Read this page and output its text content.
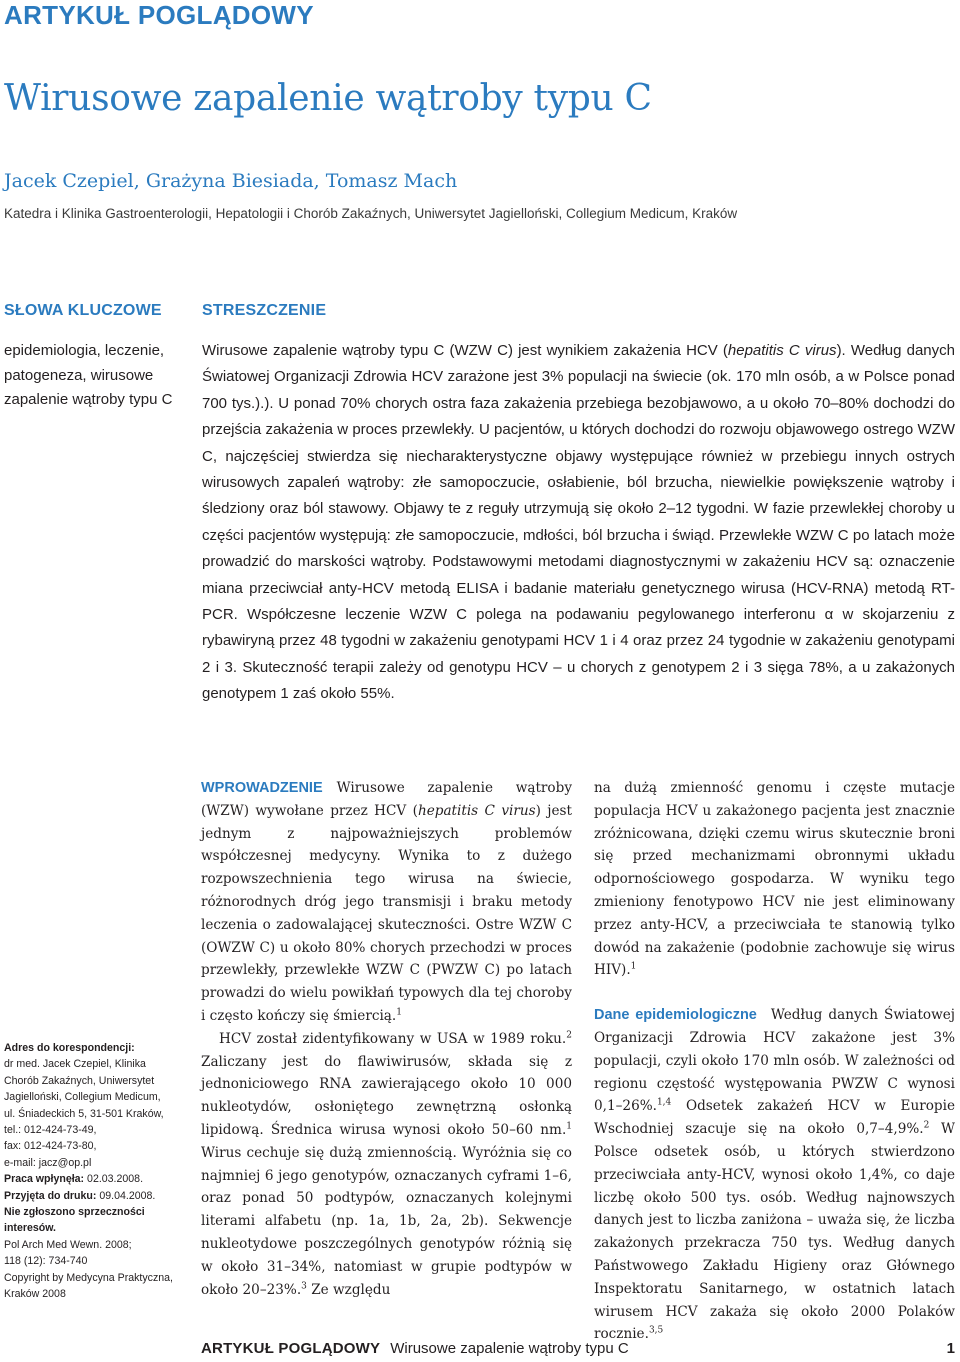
ARTYKUŁ POGLĄDOWY
Wirusowe zapalenie wątroby typu C
Jacek Czepiel, Grażyna Biesiada, Tomasz Mach
Katedra i Klinika Gastroenterologii, Hepatologii i Chorób Zakaźnych, Uniwersytet Jagielloński, Collegium Medicum, Kraków
SŁOWA KLUCZOWE
epidemiologia, leczenie, patogeneza, wirusowe zapalenie wątroby typu C
STRESZCZENIE
Wirusowe zapalenie wątroby typu C (WZW C) jest wynikiem zakażenia HCV (hepatitis C virus). Według danych Światowej Organizacji Zdrowia HCV zarażone jest 3% populacji na świecie (ok. 170 mln osób, a w Polsce ponad 700 tys.).). U ponad 70% chorych ostra faza zakażenia przebiega bezobjawowo, a u około 70–80% dochodzi do przejścia zakażenia w proces przewlekły. U pacjentów, u których dochodzi do rozwoju objawowego ostrego WZW C, najczęściej stwierdza się niecharakterystyczne objawy występujące również w przebiegu innych ostrych wirusowych zapaleń wątroby: złe samopoczucie, osłabienie, ból brzucha, niewielkie powiększenie wątroby i śledziony oraz ból stawowy. Objawy te z reguły utrzymują się około 2–12 tygodni. W fazie przewlekłej choroby u części pacjentów występują: złe samopoczucie, mdłości, ból brzucha i świąd. Przewlekłe WZW C po latach może prowadzić do marskości wątroby. Podstawowymi metodami diagnostycznymi w zakażeniu HCV są: oznaczenie miana przeciwciał anty-HCV metodą ELISA i badanie materiału genetycznego wirusa (HCV-RNA) metodą RT-PCR. Współczesne leczenie WZW C polega na podawaniu pegylowanego interferonu α w skojarzeniu z rybawiryną przez 48 tygodni w zakażeniu genotypami HCV 1 i 4 oraz przez 24 tygodnie w zakażeniu genotypami 2 i 3. Skuteczność terapii zależy od genotypu HCV – u chorych z genotypem 2 i 3 sięga 78%, a u zakażonych genotypem 1 zaś około 55%.

Adres do korespondencji:

dr med. Jacek Czepiel, Klinika Chorób Zakaźnych, Uniwersytet Jagielloński, Collegium Medicum,

ul. Śniadeckich 5, 31-501 Kraków,

tel.: 012-424-73-49,

fax: 012-424-73-80,

e-mail: jacz@op.pl

Praca wpłynęła: 02.03.2008.

Przyjęta do druku: 09.04.2008.

Nie zgłoszono sprzeczności interesów.

Pol Arch Med Wewn. 2008;

118 (12): 734-740

Copyright by Medycyna Praktyczna, Kraków 2008

WPROWADZENIE Wirusowe zapalenie wątroby (WZW) wywołane przez HCV (hepatitis C virus) jest jednym z najpoważniejszych problemów współczesnej medycyny. Wynika to z dużego rozpowszechnienia tego wirusa na świecie, różnorodnych dróg jego transmisji i braku metody leczenia o zadowalającej skuteczności. Ostre WZW C (OWZW C) u około 80% chorych przechodzi w proces przewlekły, przewlekłe WZW C (PWZW C) po latach prowadzi do wielu powikłań typowych dla tej choroby i często kończy się śmiercią.$^1$

HCV został zidentyfikowany w USA w 1989 roku.$^2$ Zaliczany jest do flawiwirusów, składa się z jednoniciowego RNA zawierającego około 10 000 nukleotydów, osłoniętego zewnętrzną osłonką lipidową. Średnica wirusa wynosi około 50–60 nm.$^1$ Wirus cechuje się dużą zmiennością. Wyróżnia się co najmniej 6 jego genotypów, oznaczanych cyframi 1–6, oraz ponad 50 podtypów, oznaczanych kolejnymi literami alfabetu (np. 1a, 1b, 2a, 2b). Sekwencje nukleotydowe poszczególnych genotypów różnią się w około 31–34%, natomiast w grupie podtypów w około 20–23%.$^3$ Ze względu

na dużą zmienność genomu i częste mutacje populacja HCV u zakażonego pacjenta jest znacznie zróżnicowana, dzięki czemu wirus skutecznie broni się przed mechanizmami obronnymi układu odpornościowego gospodarza. W wyniku tego zmieniony fenotypowo HCV nie jest eliminowany przez anty-HCV, a przeciwciała te stanowią tylko dowód na zakażenie (podobnie zachowuje się wirus HIV).$^1$

Dane epidemiologiczne Według danych Światowej Organizacji Zdrowia HCV zakażone jest 3% populacji, czyli około 170 mln osób. W zależności od regionu częstość występowania PWZW C wynosi 0,1–26%.$^{1,4}$ Odsetek zakażeń HCV w Europie Wschodniej szacuje się na około 0,7–4,9%.$^2$ W Polsce odsetek osób, u których stwierdzono przeciwciała anty-HCV, wynosi około 1,4%, co daje liczbę około 500 tys. osób. Według najnowszych danych jest to liczba zaniżona – uważa się, że liczba zakażonych przekracza 750 tys. Według danych Państwowego Zakładu Higieny oraz Głównego Inspektoratu Sanitarnego, w ostatnich latach wirusem HCV zakaża się około 2000 Polaków rocznie.$^{3,5}$

ARTYKUŁ POGLĄDOWY Wirusowe zapalenie wątroby typu C	1
